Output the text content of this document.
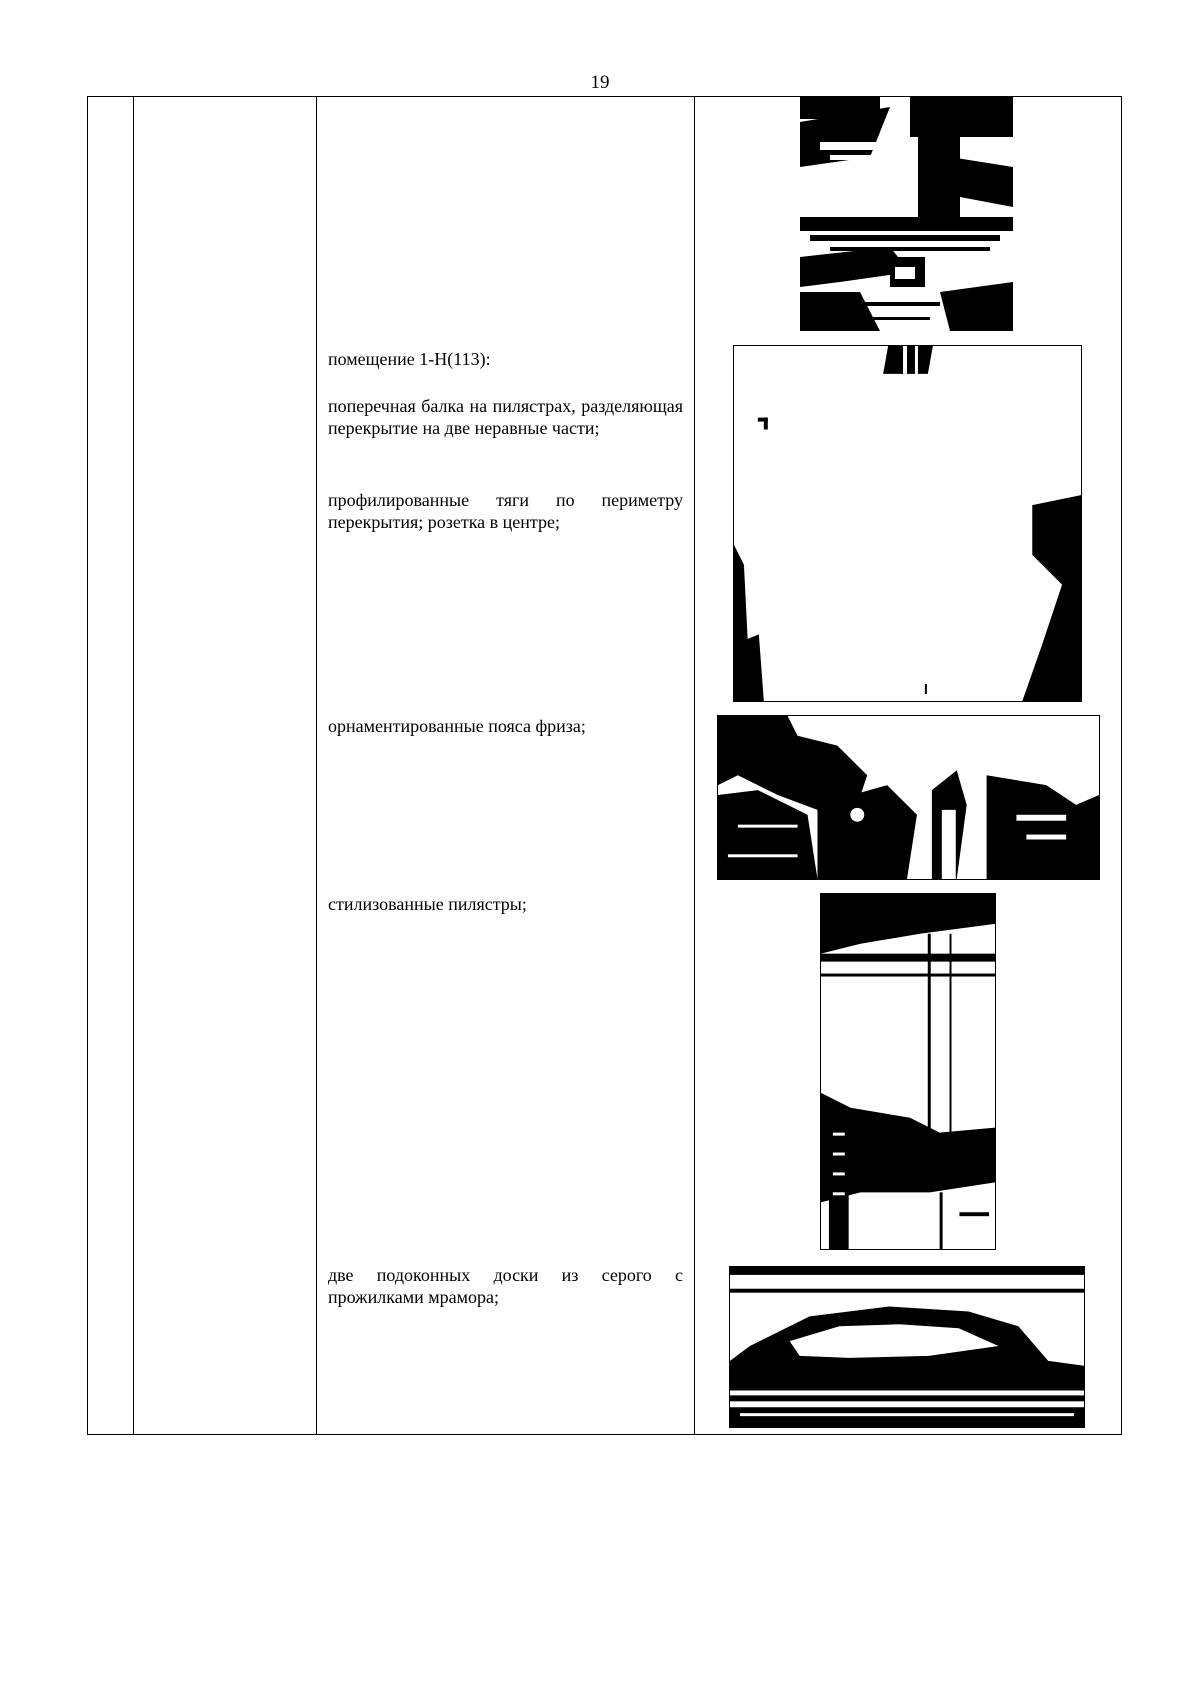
19

помещение 1-Н(113):

поперечная балка на пилястрах, разделяющая перекрытие на две неравные части;

профилированные тяги по периметру перекрытия; розетка в центре;

орнаментированные пояса фриза;

стилизованные пилястры;

две подоконных доски из серого с прожилками мрамора;
